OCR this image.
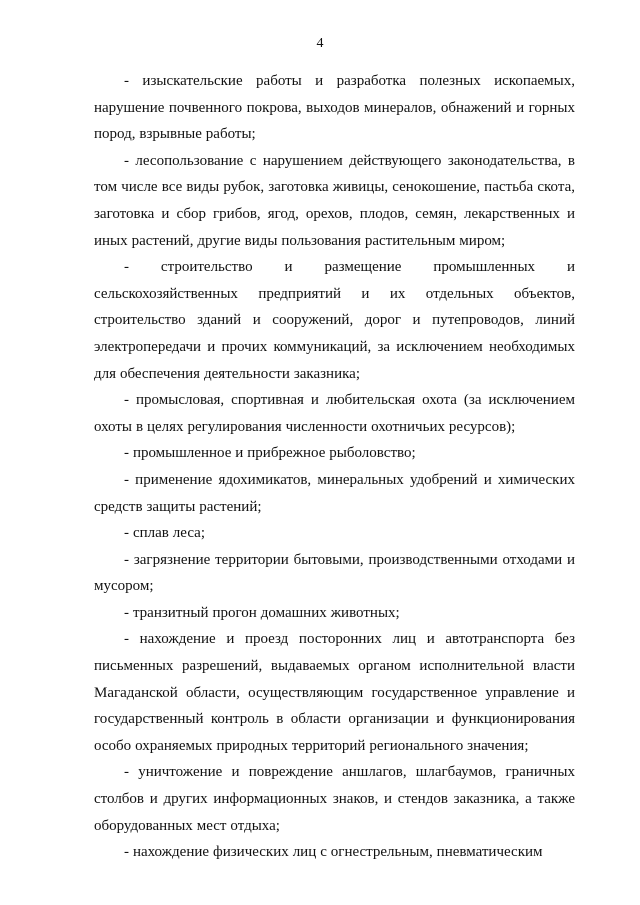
4

- изыскательские работы и разработка полезных ископаемых, нарушение почвенного покрова, выходов минералов, обнажений и горных пород, взрывные работы;

- лесопользование с нарушением действующего законодательства, в том числе все виды рубок, заготовка живицы, сенокошение, пастьба скота, заготовка и сбор грибов, ягод, орехов, плодов, семян, лекарственных и иных растений, другие виды пользования растительным миром;

- строительство и размещение промышленных и сельскохозяйственных предприятий и их отдельных объектов, строительство зданий и сооружений, дорог и путепроводов, линий электропередачи и прочих коммуникаций, за исключением необходимых для обеспечения деятельности заказника;

- промысловая, спортивная и любительская охота (за исключением охоты в целях регулирования численности охотничьих ресурсов);

- промышленное и прибрежное рыболовство;

- применение ядохимикатов, минеральных удобрений и химических средств защиты растений;

- сплав леса;

- загрязнение территории бытовыми, производственными отходами и мусором;

- транзитный прогон домашних животных;

- нахождение и проезд посторонних лиц и автотранспорта без письменных разрешений, выдаваемых органом исполнительной власти Магаданской области, осуществляющим государственное управление и государственный контроль в области организации и функционирования особо охраняемых природных территорий регионального значения;

- уничтожение и повреждение аншлагов, шлагбаумов, граничных столбов и других информационных знаков, и стендов заказника, а также оборудованных мест отдыха;

- нахождение физических лиц с огнестрельным, пневматическим
